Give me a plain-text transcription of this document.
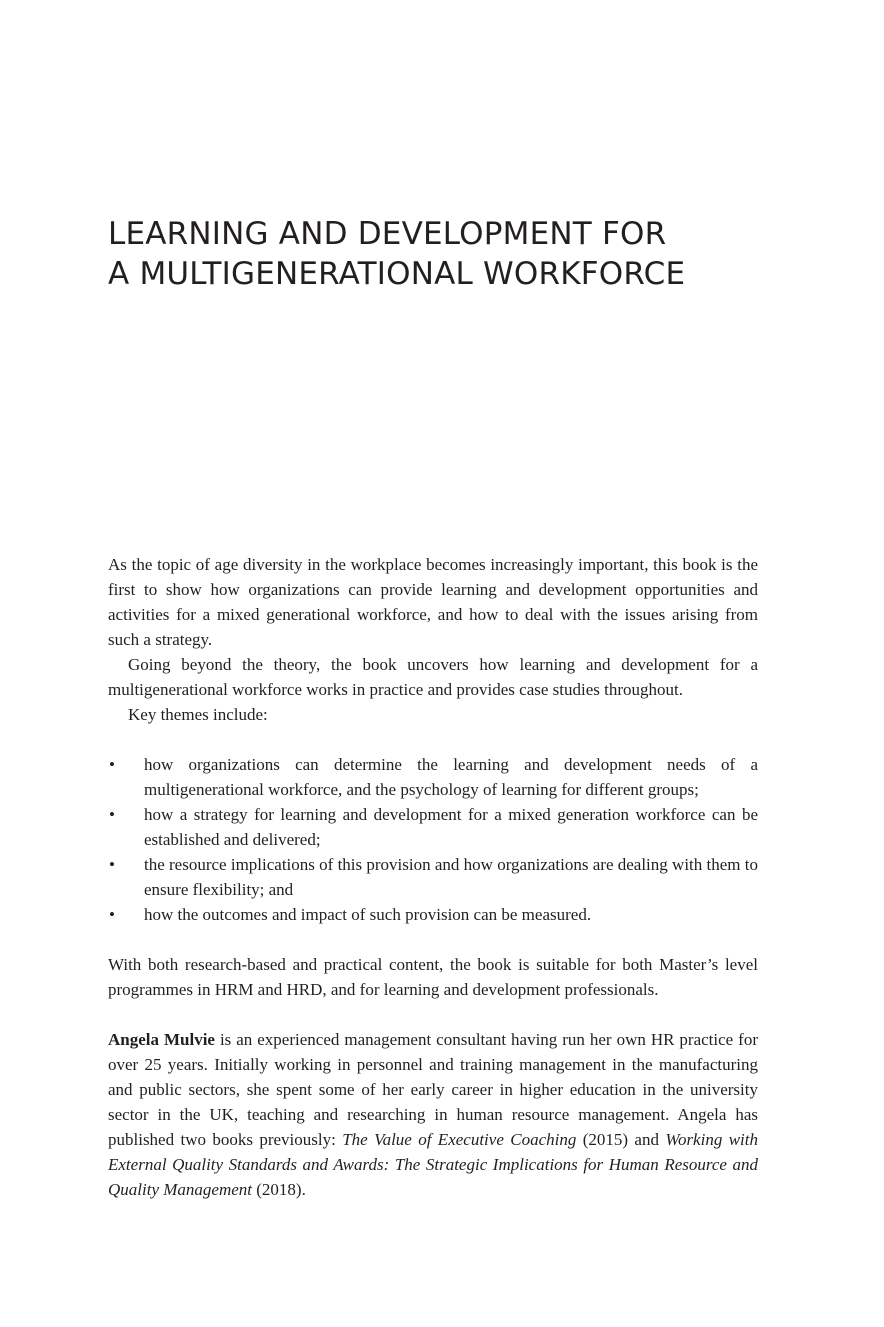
LEARNING AND DEVELOPMENT FOR
A MULTIGENERATIONAL WORKFORCE

As the topic of age diversity in the workplace becomes increasingly important, this book is the first to show how organizations can provide learning and development opportunities and activities for a mixed generational workforce, and how to deal with the issues arising from such a strategy.

Going beyond the theory, the book uncovers how learning and development for a multigenerational workforce works in practice and provides case studies throughout.

Key themes include:

• how organizations can determine the learning and development needs of a multigenerational workforce, and the psychology of learning for different groups;
• how a strategy for learning and development for a mixed generation workforce can be established and delivered;
• the resource implications of this provision and how organizations are dealing with them to ensure flexibility; and
• how the outcomes and impact of such provision can be measured.

With both research-based and practical content, the book is suitable for both Master’s level programmes in HRM and HRD, and for learning and development professionals.

Angela Mulvie is an experienced management consultant having run her own HR practice for over 25 years. Initially working in personnel and training management in the manufacturing and public sectors, she spent some of her early career in higher education in the university sector in the UK, teaching and researching in human resource management. Angela has published two books previously: The Value of Executive Coaching (2015) and Working with External Quality Standards and Awards: The Strategic Implications for Human Resource and Quality Management (2018).
